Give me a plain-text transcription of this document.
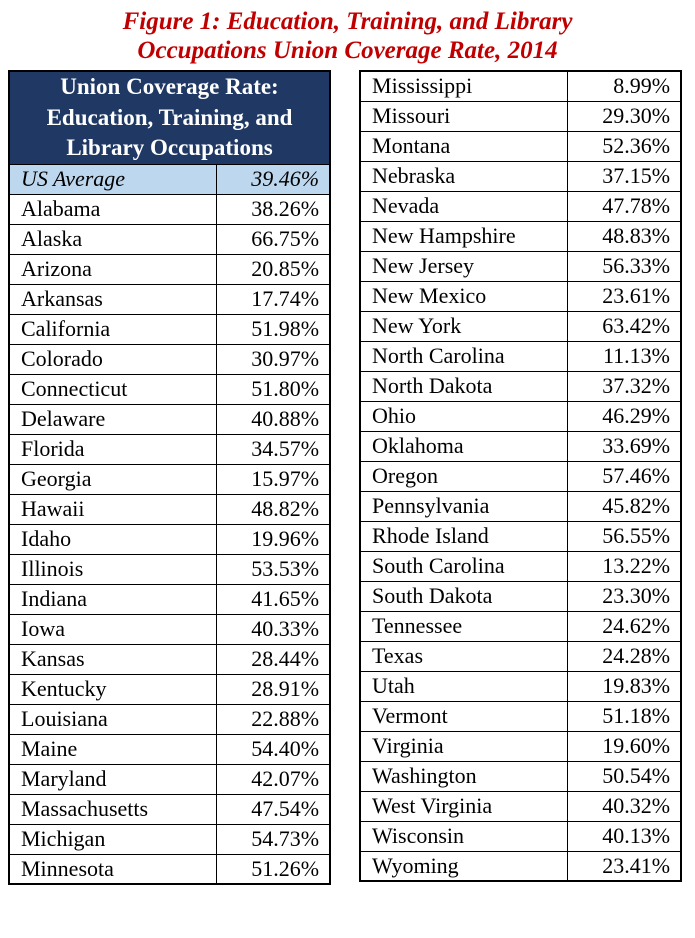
Figure 1: Education, Training, and Library
Occupations Union Coverage Rate, 2014
Union Coverage Rate:
Education, Training, and
Library Occupations	

US Average	39.46%
Alabama	38.26%
Alaska	66.75%
Arizona	20.85%
Arkansas	17.74%
California	51.98%
Colorado	30.97%
Connecticut	51.80%
Delaware	40.88%
Florida	34.57%
Georgia	15.97%
Hawaii	48.82%
Idaho	19.96%
Illinois	53.53%
Indiana	41.65%
Iowa	40.33%
Kansas	28.44%
Kentucky	28.91%
Louisiana	22.88%
Maine	54.40%
Maryland	42.07%
Massachusetts	47.54%
Michigan	54.73%
Minnesota	51.26%
Mississippi	8.99%
Missouri	29.30%
Montana	52.36%
Nebraska	37.15%
Nevada	47.78%
New Hampshire	48.83%
New Jersey	56.33%
New Mexico	23.61%
New York	63.42%
North Carolina	11.13%
North Dakota	37.32%
Ohio	46.29%
Oklahoma	33.69%
Oregon	57.46%
Pennsylvania	45.82%
Rhode Island	56.55%
South Carolina	13.22%
South Dakota	23.30%
Tennessee	24.62%
Texas	24.28%
Utah	19.83%
Vermont	51.18%
Virginia	19.60%
Washington	50.54%
West Virginia	40.32%
Wisconsin	40.13%
Wyoming	23.41%
